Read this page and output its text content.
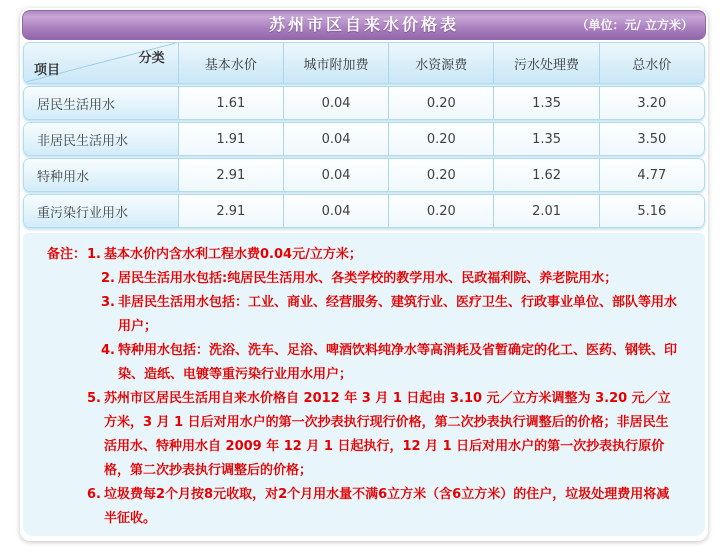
苏州市区自来水价格表	（单位：元/ 立方米）
分类
项目	基本水价	城市附加费	水资源费	污水处理费	总水价
居民生活用水	1.61	0.04	0.20	1.35	3.20
非居民生活用水	1.91	0.04	0.20	1.35	3.50
特种用水	2.91	0.04	0.20	1.62	4.77
重污染行业用水	2.91	0.04	0.20	2.01	5.16
备注： 1. 基本水价内含水利工程水费0.04元/立方米；
2. 居民生活用水包括:纯居民生活用水、各类学校的教学用水、民政福利院、养老院用水；
3. 非居民生活用水包括：工业、商业、经营服务、建筑行业、医疗卫生、行政事业单位、部队等用水用户；
4. 特种用水包括：洗浴、洗车、足浴、啤酒饮料纯净水等高消耗及省暂确定的化工、医药、钢铁、印染、造纸、电镀等重污染行业用水用户；
5. 苏州市区居民生活用自来水价格自 2012 年 3 月 1 日起由 3.10 元／立方米调整为 3.20 元／立方米，3 月 1 日后对用水户的第一次抄表执行现行价格，第二次抄表执行调整后的价格；非居民生活用水、特种用水自 2009 年 12 月 1 日起执行，12 月 1 日后对用水户的第一次抄表执行原价格，第二次抄表执行调整后的价格；
6. 垃圾费每2个月按8元收取，对2个月用水量不满6立方米（含6立方米）的住户，垃圾处理费用将减半征收。
